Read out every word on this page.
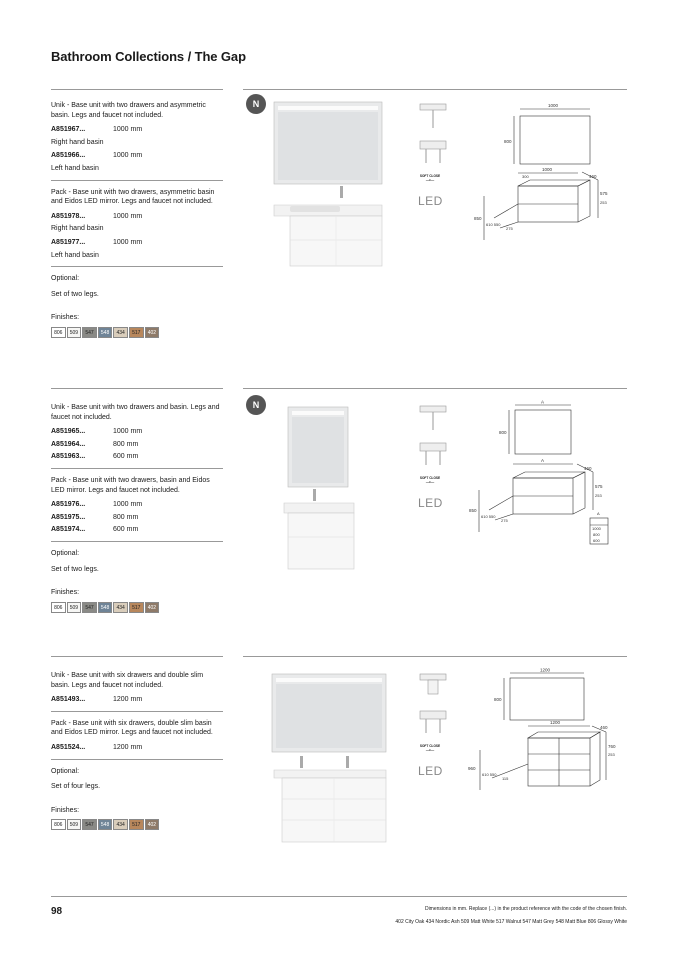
Bathroom Collections / The Gap
Unik - Base unit with two drawers and asymmetric basin. Legs and faucet not included.
A851967...	1000 mm
Right hand basin
A851966...	1000 mm
Left hand basin
Pack - Base unit with two drawers, asymmetric basin and Eidos LED mirror. Legs and faucet not included.
A851978...	1000 mm
Right hand basin
A851977...	1000 mm
Left hand basin
Optional:
Set of two legs.
Finishes:
806	509	547	548	434	517	402
N

SOFT CLOSE
—●—
LED
1000
800
1000
460
300
850
610 550
275
575
253
Unik - Base unit with two drawers and basin. Legs and faucet not included.
A851965...	1000 mm
A851964...	800 mm
A851963...	600 mm
Pack - Base unit with two drawers, basin and Eidos LED mirror. Legs and faucet not included.
A851976...	1000 mm
A851975...	800 mm
A851974...	600 mm
Optional:
Set of two legs.
Finishes:
806	509	547	548	434	517	402
N

SOFT CLOSE
—●—
LED
A
800
A
460
850
610 550
275
575
253
A
1000
800
600
Unik - Base unit with six drawers and double slim basin. Legs and faucet not included.
A851493...	1200 mm
Pack - Base unit with six drawers, double slim basin and Eidos LED mirror. Legs and faucet not included.
A851524...	1200 mm
Optional:
Set of four legs.
Finishes:
806	509	547	548	434	517	402

SOFT CLOSE
—●—
LED
1200
800
1200
460
960
610 550
115
760
253
98	Dimensions in mm. Replace (...) in the product reference with the code of the chosen finish.
402 City Oak 434 Nordic Ash 509 Matt White 517 Walnut 547 Matt Grey 548 Matt Blue 806 Glossy White
